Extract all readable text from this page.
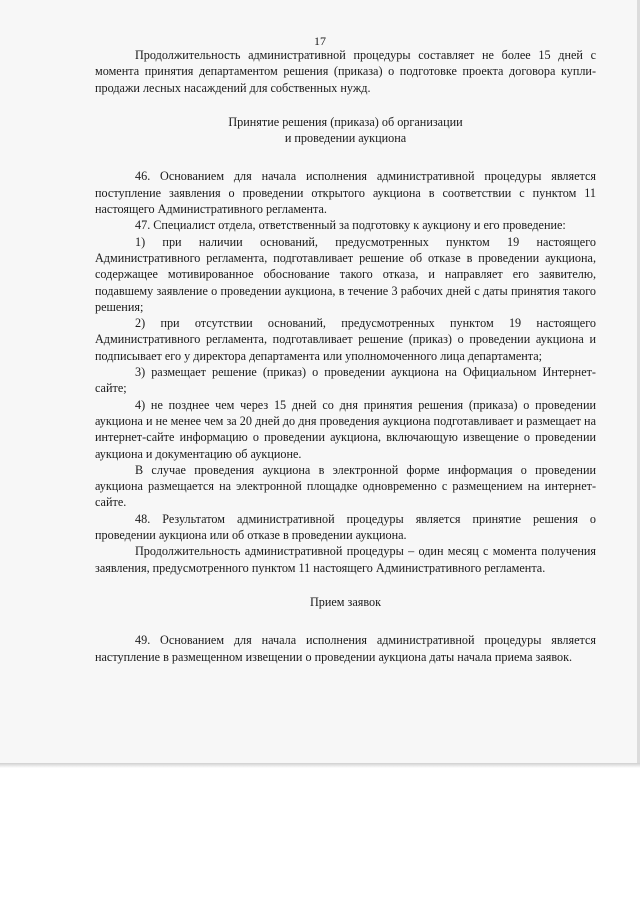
17

Продолжительность административной процедуры составляет не более 15 дней с момента принятия департаментом решения (приказа) о подготовке проекта договора купли-продажи лесных насаждений для собственных нужд.

Принятие решения (приказа) об организации

и проведении аукциона

46. Основанием для начала исполнения административной процедуры является поступление заявления о проведении открытого аукциона в соответствии с пунктом 11 настоящего Административного регламента.

47. Специалист отдела, ответственный за подготовку к аукциону и его проведение:

1) при наличии оснований, предусмотренных пунктом 19 настоящего Административного регламента, подготавливает решение об отказе в проведении аукциона, содержащее мотивированное обоснование такого отказа, и направляет его заявителю, подавшему заявление о проведении аукциона, в течение 3 рабочих дней с даты принятия такого решения;

2) при отсутствии оснований, предусмотренных пунктом 19 настоящего Административного регламента, подготавливает решение (приказ) о проведении аукциона и подписывает его у директора департамента или уполномоченного лица департамента;

3) размещает решение (приказ) о проведении аукциона на Официальном Интернет-сайте;

4) не позднее чем через 15 дней со дня принятия решения (приказа) о проведении аукциона и не менее чем за 20 дней до дня проведения аукциона подготавливает и размещает на интернет-сайте информацию о проведении аукциона, включающую извещение о проведении аукциона и документацию об аукционе.

В случае проведения аукциона в электронной форме информация о проведении аукциона размещается на электронной площадке одновременно с размещением на интернет-сайте.

48. Результатом административной процедуры является принятие решения о проведении аукциона или об отказе в проведении аукциона.

Продолжительность административной процедуры – один месяц с момента получения заявления, предусмотренного пунктом 11 настоящего Административного регламента.

Прием заявок

49. Основанием для начала исполнения административной процедуры является наступление в размещенном извещении о проведении аукциона даты начала приема заявок.
